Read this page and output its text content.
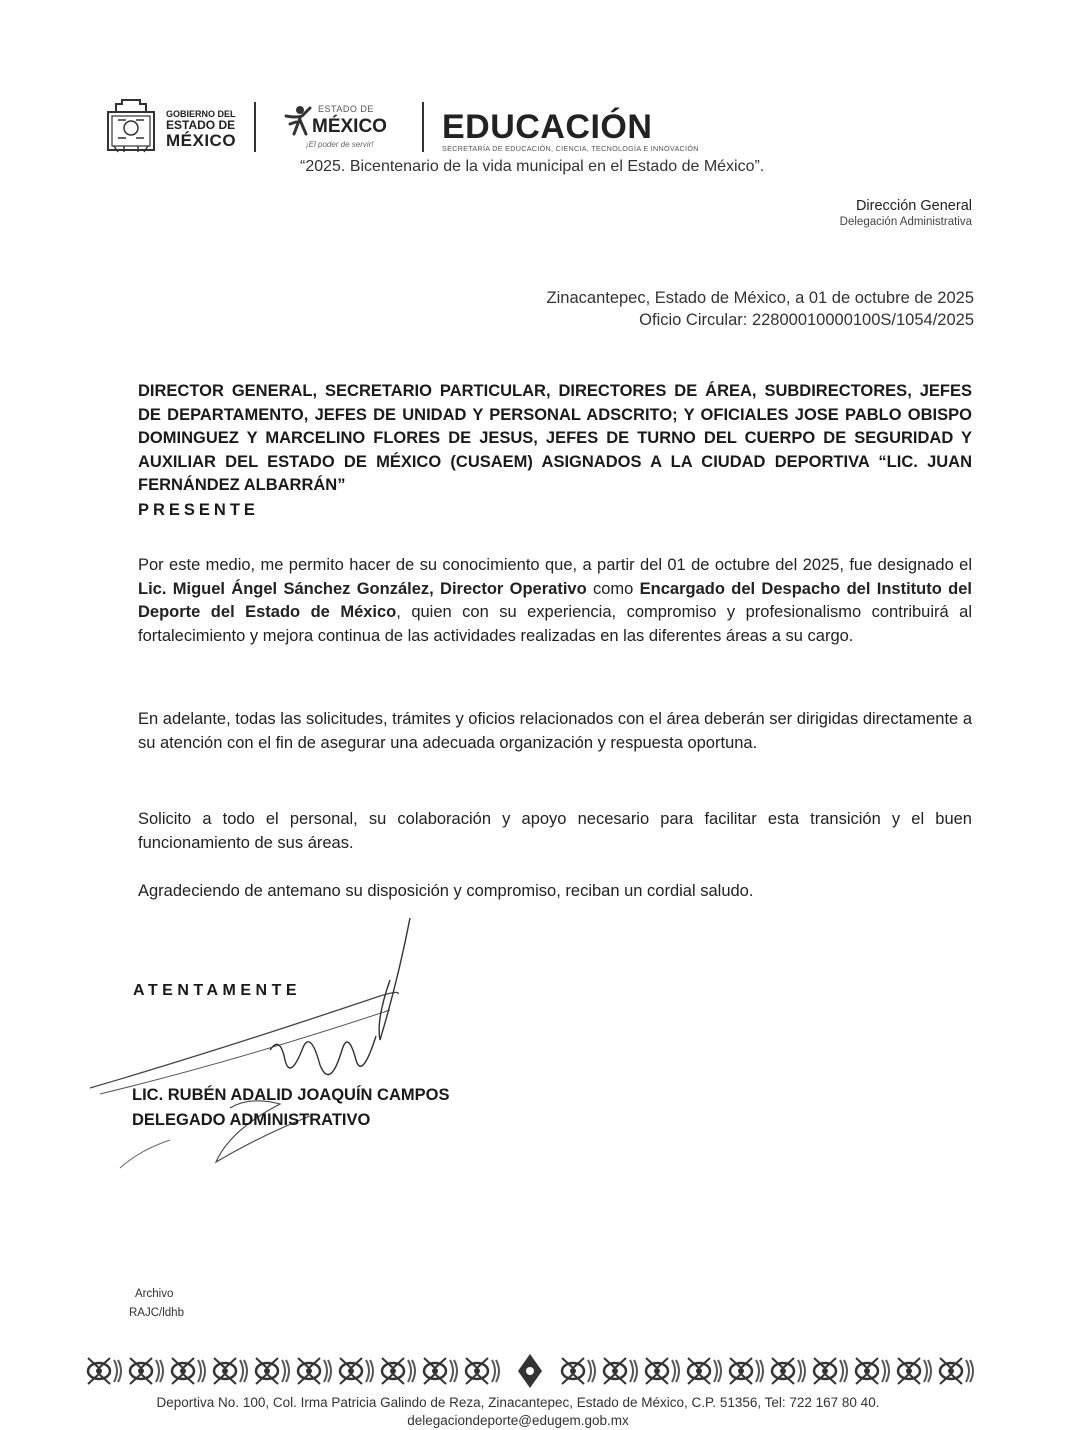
GOBIERNO DEL
ESTADO DE
MÉXICO
ESTADO DE
MÉXICO
¡El poder de servir! EDUCACIÓN
SECRETARÍA DE EDUCACIÓN, CIENCIA, TECNOLOGÍA E INNOVACIÓN
“2025. Bicentenario de la vida municipal en el Estado de México”.
Dirección General
Delegación Administrativa
Zinacantepec, Estado de México, a 01 de octubre de 2025
Oficio Circular: 22800010000100S/1054/2025
DIRECTOR GENERAL, SECRETARIO PARTICULAR, DIRECTORES DE ÁREA, SUBDIRECTORES, JEFES DE DEPARTAMENTO, JEFES DE UNIDAD Y PERSONAL ADSCRITO; Y OFICIALES JOSE PABLO OBISPO DOMINGUEZ Y MARCELINO FLORES DE JESUS, JEFES DE TURNO DEL CUERPO DE SEGURIDAD Y AUXILIAR DEL ESTADO DE MÉXICO (CUSAEM) ASIGNADOS A LA CIUDAD DEPORTIVA “LIC. JUAN FERNÁNDEZ ALBARRÁN”
PRESENTE
Por este medio, me permito hacer de su conocimiento que, a partir del 01 de octubre del 2025, fue designado el Lic. Miguel Ángel Sánchez González, Director Operativo como Encargado del Despacho del Instituto del Deporte del Estado de México, quien con su experiencia, compromiso y profesionalismo contribuirá al fortalecimiento y mejora continua de las actividades realizadas en las diferentes áreas a su cargo.
En adelante, todas las solicitudes, trámites y oficios relacionados con el área deberán ser dirigidas directamente a su atención con el fin de asegurar una adecuada organización y respuesta oportuna.
Solicito a todo el personal, su colaboración y apoyo necesario para facilitar esta transición y el buen funcionamiento de sus áreas.
Agradeciendo de antemano su disposición y compromiso, reciban un cordial saludo.
ATENTAMENTE
LIC. RUBÉN ADALID JOAQUÍN CAMPOS
DELEGADO ADMINISTRATIVO
Archivo
RAJC/ldhb
Deportiva No. 100, Col. Irma Patricia Galindo de Reza, Zinacantepec, Estado de México, C.P. 51356, Tel: 722 167 80 40.
delegaciondeporte@edugem.gob.mx
